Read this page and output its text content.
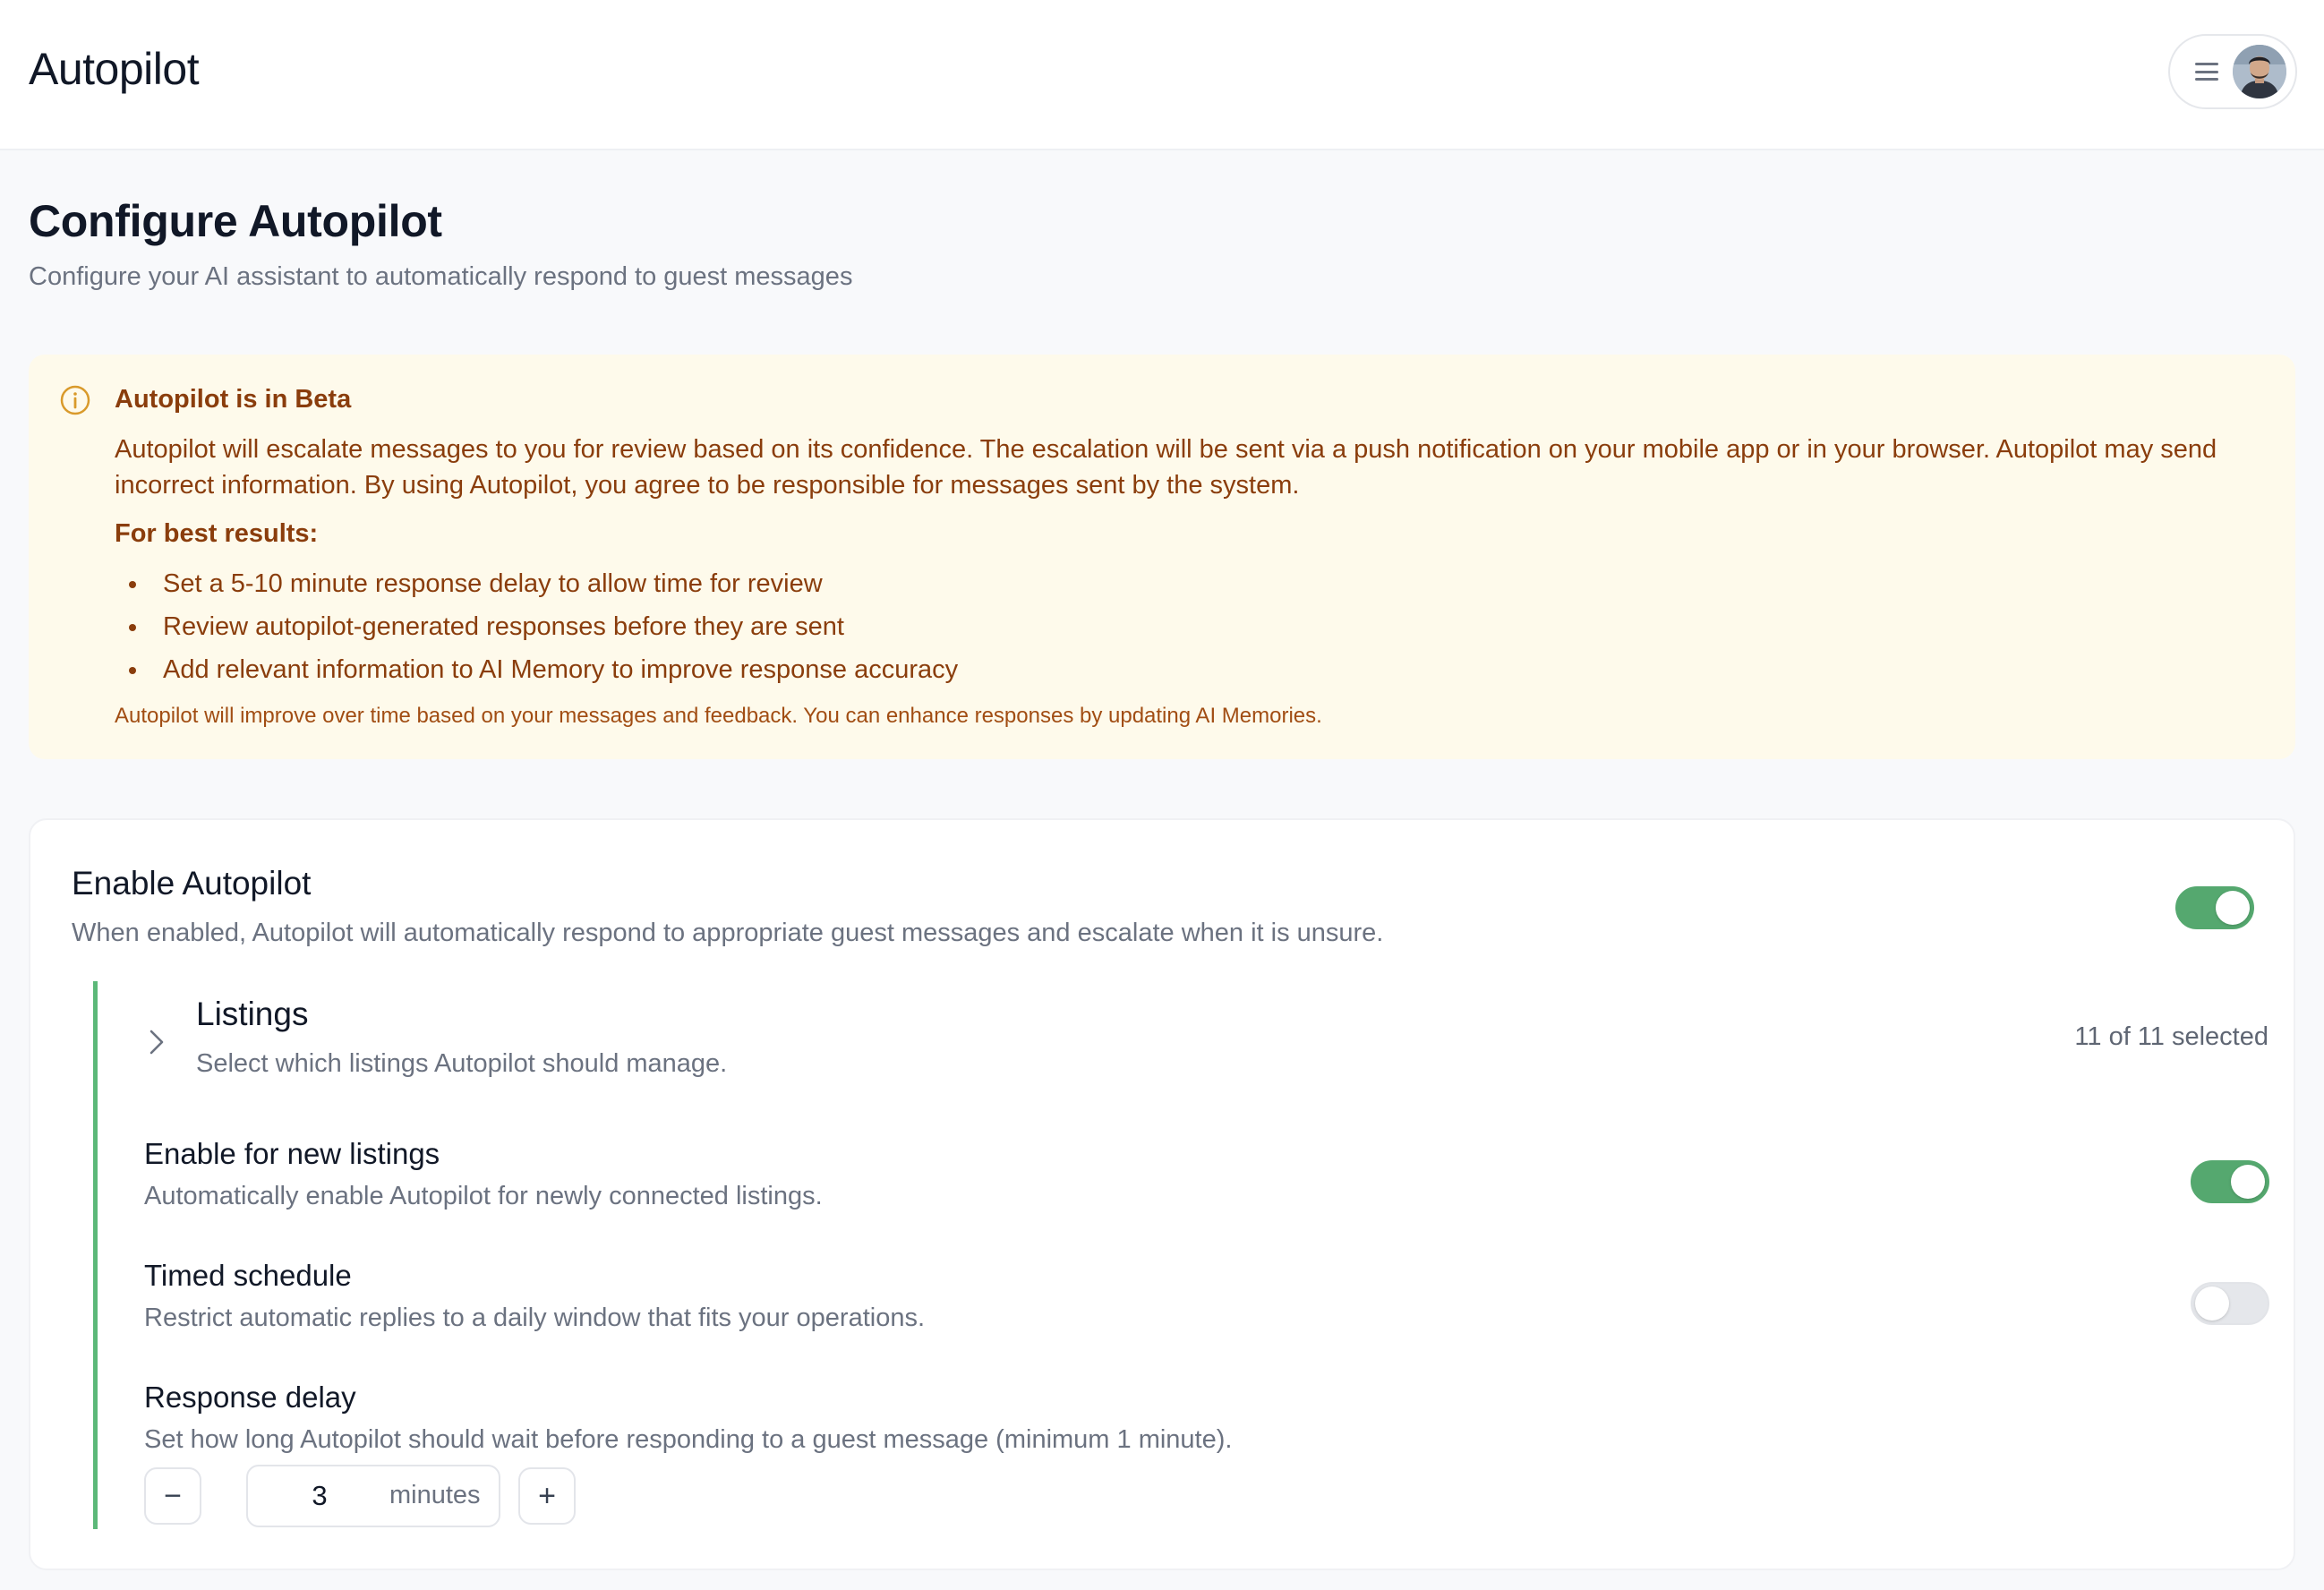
Autopilot
Configure Autopilot
Configure your AI assistant to automatically respond to guest messages
Autopilot is in Beta
Autopilot will escalate messages to you for review based on its confidence. The escalation will be sent via a push notification on your mobile app or in your browser. Autopilot may send incorrect information. By using Autopilot, you agree to be responsible for messages sent by the system.
For best results:
Set a 5-10 minute response delay to allow time for review
Review autopilot-generated responses before they are sent
Add relevant information to AI Memory to improve response accuracy
Autopilot will improve over time based on your messages and feedback. You can enhance responses by updating AI Memories.
Enable Autopilot
When enabled, Autopilot will automatically respond to appropriate guest messages and escalate when it is unsure.
Listings
Select which listings Autopilot should manage.
11 of 11 selected
Enable for new listings
Automatically enable Autopilot for newly connected listings.
Timed schedule
Restrict automatic replies to a daily window that fits your operations.
Response delay
Set how long Autopilot should wait before responding to a guest message (minimum 1 minute).
−
3	minutes	+
